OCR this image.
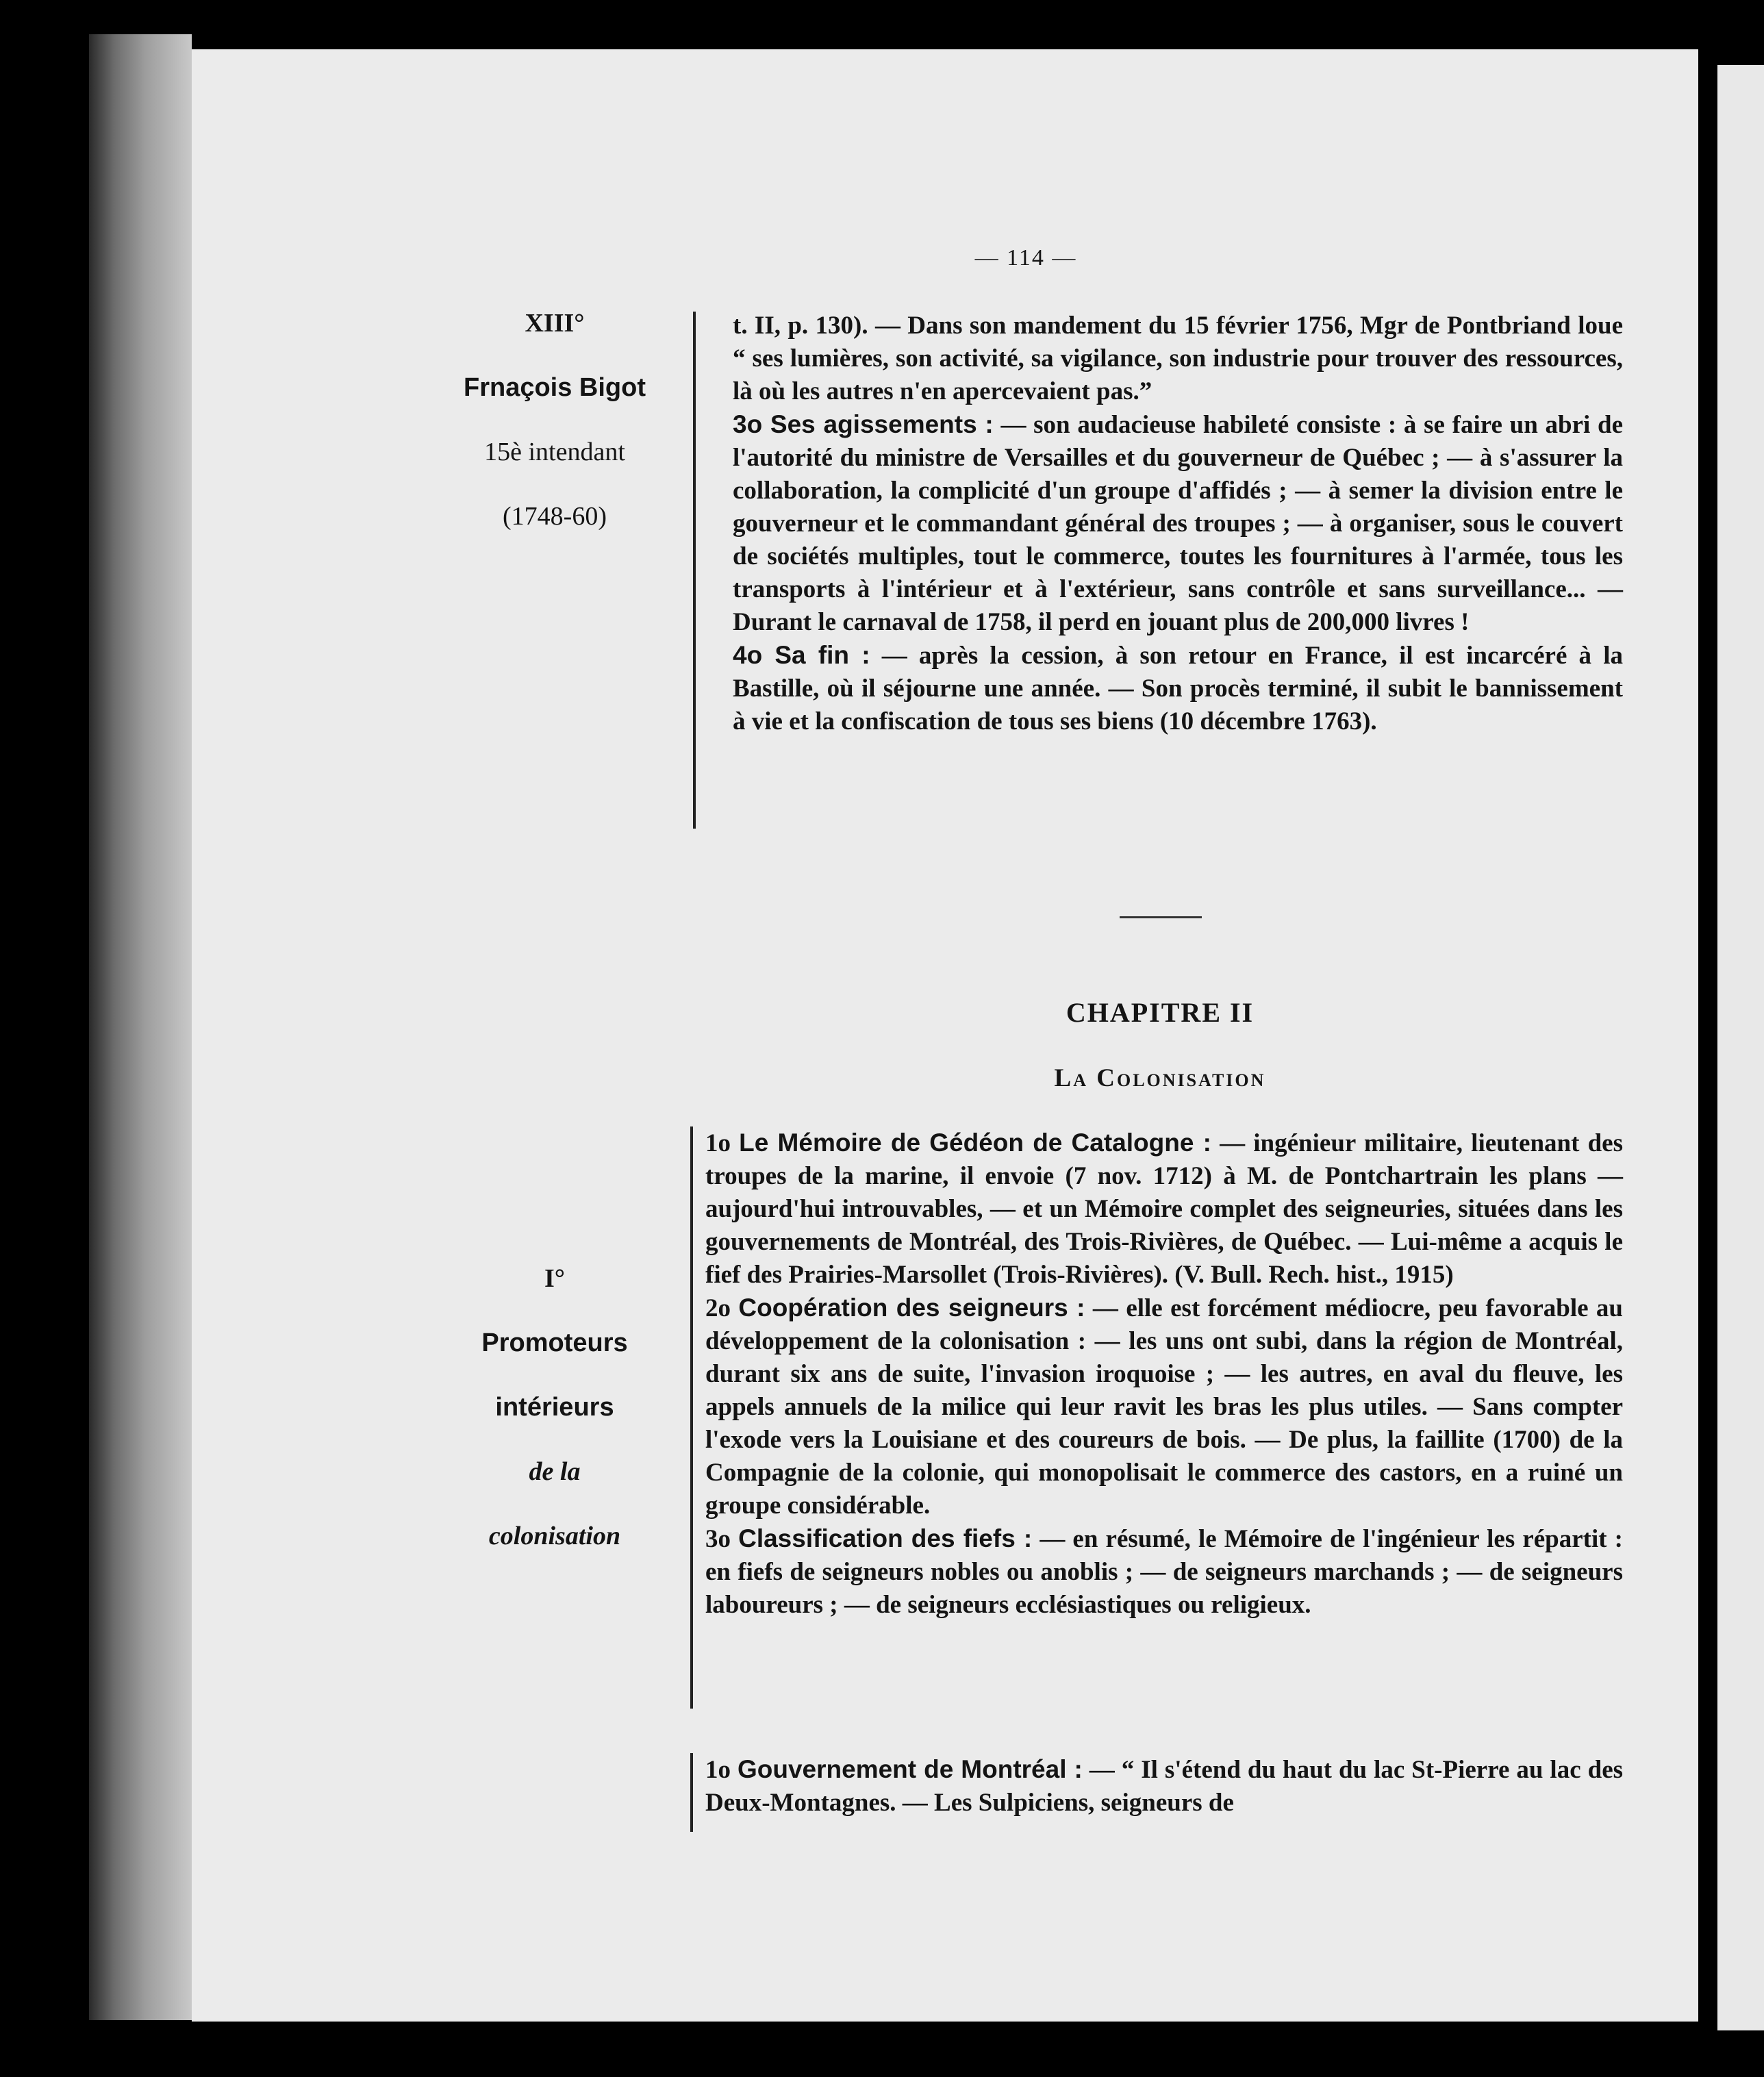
— 114 —
XIII°
Frnaçois Bigot
15è intendant
(1748-60)

t. II, p. 130). — Dans son mandement du 15 février 1756, Mgr de Pontbriand loue “ ses lumières, son activité, sa vigilance, son industrie pour trouver des ressources, là où les autres n'en apercevaient pas.”

3o Ses agissements : — son audacieuse habileté consiste : à se faire un abri de l'autorité du ministre de Versailles et du gouverneur de Québec ; — à s'assurer la collaboration, la complicité d'un groupe d'affidés ; — à semer la division entre le gouverneur et le commandant général des troupes ; — à organiser, sous le couvert de sociétés multiples, tout le commerce, toutes les fournitures à l'armée, tous les transports à l'intérieur et à l'extérieur, sans contrôle et sans surveillance... — Durant le carnaval de 1758, il perd en jouant plus de 200,000 livres !

4o Sa fin : — après la cession, à son retour en France, il est incarcéré à la Bastille, où il séjourne une année. — Son procès terminé, il subit le bannissement à vie et la confiscation de tous ses biens (10 décembre 1763).

CHAPITRE II
La Colonisation
I°
Promoteurs
intérieurs
de la
colonisation

1o Le Mémoire de Gédéon de Catalogne : — ingénieur militaire, lieutenant des troupes de la marine, il envoie (7 nov. 1712) à M. de Pontchartrain les plans — aujourd'hui introuvables, — et un Mémoire complet des seigneuries, situées dans les gouvernements de Montréal, des Trois-Rivières, de Québec. — Lui-même a acquis le fief des Prairies-Marsollet (Trois-Rivières). (V. Bull. Rech. hist., 1915)

2o Coopération des seigneurs : — elle est forcément médiocre, peu favorable au développement de la colonisation : — les uns ont subi, dans la région de Montréal, durant six ans de suite, l'invasion iroquoise ; — les autres, en aval du fleuve, les appels annuels de la milice qui leur ravit les bras les plus utiles. — Sans compter l'exode vers la Louisiane et des coureurs de bois. — De plus, la faillite (1700) de la Compagnie de la colonie, qui monopolisait le commerce des castors, en a ruiné un groupe considérable.

3o Classification des fiefs : — en résumé, le Mémoire de l'ingénieur les répartit : en fiefs de seigneurs nobles ou anoblis ; — de seigneurs marchands ; — de seigneurs laboureurs ; — de seigneurs ecclésiastiques ou religieux.

1o Gouvernement de Montréal : — “ Il s'étend du haut du lac St-Pierre au lac des Deux-Montagnes. — Les Sulpiciens, seigneurs de
